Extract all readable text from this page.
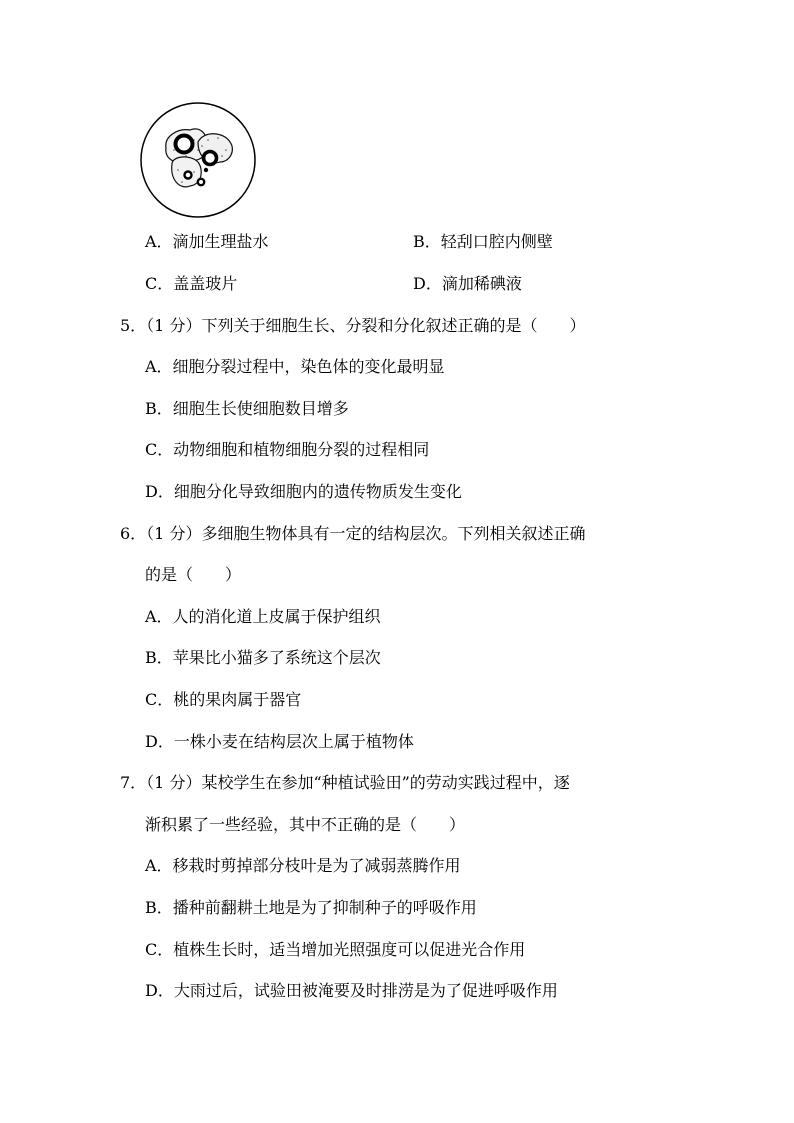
A．滴加生理盐水	B．轻刮口腔内侧壁
C．盖盖玻片	D．滴加稀碘液
5．（1 分）下列关于细胞生长、分裂和分化叙述正确的是（　　）
A．细胞分裂过程中，染色体的变化最明显
B．细胞生长使细胞数目增多
C．动物细胞和植物细胞分裂的过程相同
D．细胞分化导致细胞内的遗传物质发生变化
6．（1 分）多细胞生物体具有一定的结构层次。下列相关叙述正确
的是（　　）
A．人的消化道上皮属于保护组织
B．苹果比小猫多了系统这个层次
C．桃的果肉属于器官
D．一株小麦在结构层次上属于植物体
7．（1 分）某校学生在参加“种植试验田”的劳动实践过程中，逐
渐积累了一些经验，其中不正确的是（　　）
A．移栽时剪掉部分枝叶是为了减弱蒸腾作用
B．播种前翻耕土地是为了抑制种子的呼吸作用
C．植株生长时，适当增加光照强度可以促进光合作用
D．大雨过后，试验田被淹要及时排涝是为了促进呼吸作用
